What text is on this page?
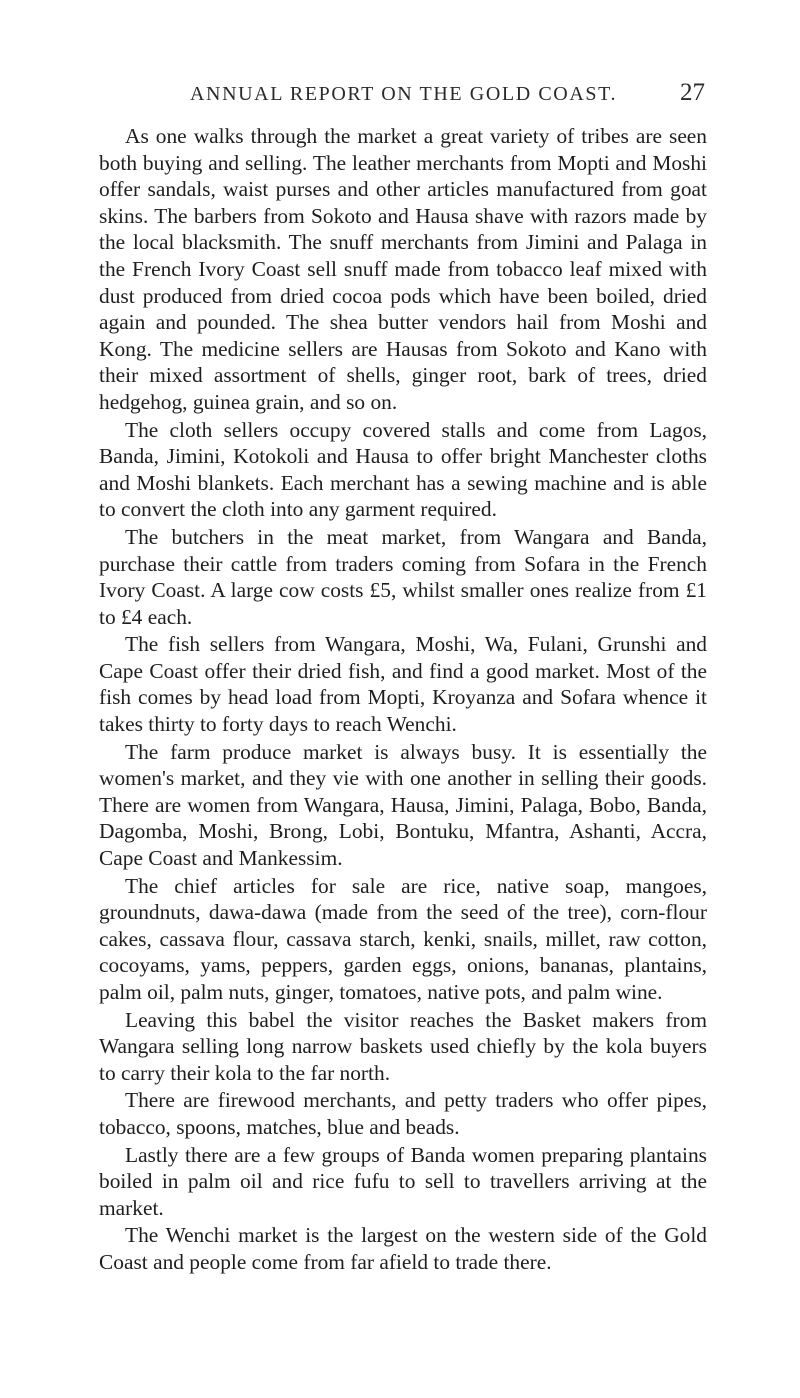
ANNUAL REPORT ON THE GOLD COAST.	27

As one walks through the market a great variety of tribes are seen both buying and selling. The leather merchants from Mopti and Moshi offer sandals, waist purses and other articles manufactured from goat skins. The barbers from Sokoto and Hausa shave with razors made by the local blacksmith. The snuff merchants from Jimini and Palaga in the French Ivory Coast sell snuff made from tobacco leaf mixed with dust produced from dried cocoa pods which have been boiled, dried again and pounded. The shea butter vendors hail from Moshi and Kong. The medicine sellers are Hausas from Sokoto and Kano with their mixed assortment of shells, ginger root, bark of trees, dried hedgehog, guinea grain, and so on.

The cloth sellers occupy covered stalls and come from Lagos, Banda, Jimini, Kotokoli and Hausa to offer bright Manchester cloths and Moshi blankets. Each merchant has a sewing machine and is able to convert the cloth into any garment required.

The butchers in the meat market, from Wangara and Banda, purchase their cattle from traders coming from Sofara in the French Ivory Coast. A large cow costs £5, whilst smaller ones realize from £1 to £4 each.

The fish sellers from Wangara, Moshi, Wa, Fulani, Grunshi and Cape Coast offer their dried fish, and find a good market. Most of the fish comes by head load from Mopti, Kroyanza and Sofara whence it takes thirty to forty days to reach Wenchi.

The farm produce market is always busy. It is essentially the women's market, and they vie with one another in selling their goods. There are women from Wangara, Hausa, Jimini, Palaga, Bobo, Banda, Dagomba, Moshi, Brong, Lobi, Bontuku, Mfantra, Ashanti, Accra, Cape Coast and Mankessim.

The chief articles for sale are rice, native soap, mangoes, groundnuts, dawa-dawa (made from the seed of the tree), corn-flour cakes, cassava flour, cassava starch, kenki, snails, millet, raw cotton, cocoyams, yams, peppers, garden eggs, onions, bananas, plantains, palm oil, palm nuts, ginger, tomatoes, native pots, and palm wine.

Leaving this babel the visitor reaches the Basket makers from Wangara selling long narrow baskets used chiefly by the kola buyers to carry their kola to the far north.

There are firewood merchants, and petty traders who offer pipes, tobacco, spoons, matches, blue and beads.

Lastly there are a few groups of Banda women preparing plantains boiled in palm oil and rice fufu to sell to travellers arriving at the market.

The Wenchi market is the largest on the western side of the Gold Coast and people come from far afield to trade there.
